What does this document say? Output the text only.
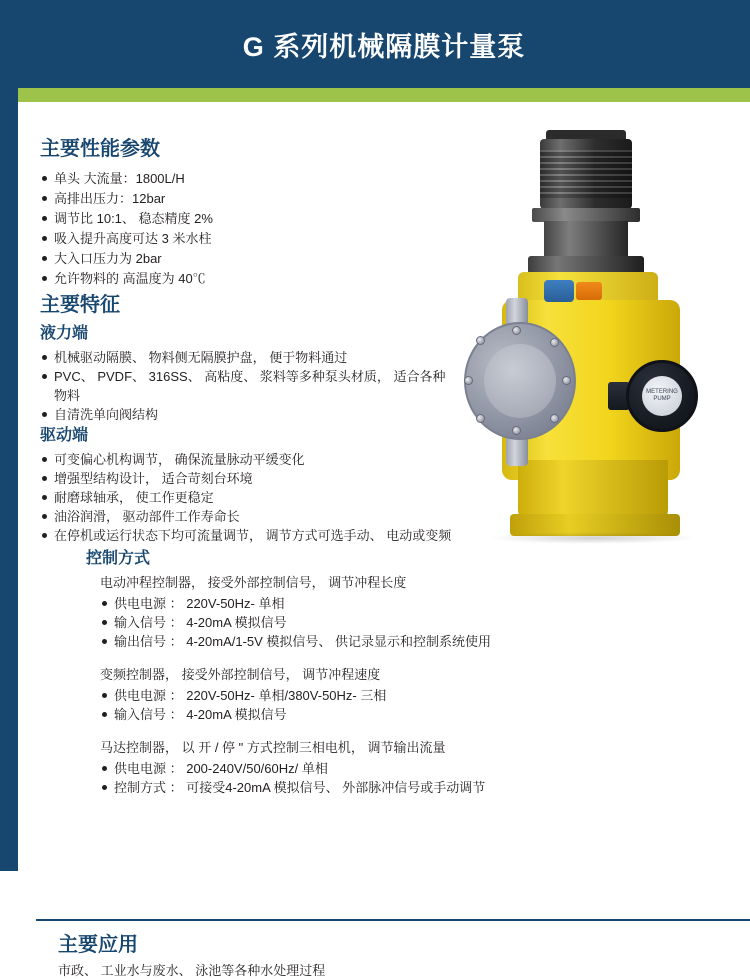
G 系列机械隔膜计量泵
METERING PUMP
主要性能参数
单头 大流量：1800L/H
高排出压力：12bar
调节比 10:1、 稳态精度 2%
吸入提升高度可达 3 米水柱
大入口压力为 2bar
允许物料的 高温度为 40℃
主要特征
液力端
机械驱动隔膜、 物料侧无隔膜护盘， 便于物料通过
PVC、 PVDF、 316SS、 高粘度、 浆料等多种泵头材质， 适合各种物料
自清洗单向阀结构
驱动端
可变偏心机构调节， 确保流量脉动平缓变化
增强型结构设计， 适合苛刻台环境
耐磨球轴承， 使工作更稳定
油浴润滑， 驱动部件工作寿命长
在停机或运行状态下均可流量调节， 调节方式可选手动、 电动或变频
控制方式

电动冲程控制器， 接受外部控制信号， 调节冲程长度

供电电源 ： 220V-50Hz- 单相
输入信号 ： 4-20mA 模拟信号
输出信号 ： 4-20mA/1-5V 模拟信号、 供记录显示和控制系统使用

变频控制器， 接受外部控制信号， 调节冲程速度

供电电源 ： 220V-50Hz- 单相/380V-50Hz- 三相
输入信号 ： 4-20mA 模拟信号

马达控制器， 以 开 / 停 " 方式控制三相电机， 调节输出流量

供电电源 ： 200-240V/50/60Hz/ 单相
控制方式 ： 可接受4-20mA 模拟信号、 外部脉冲信号或手动调节
主要应用
市政、 工业水与废水、 泳池等各种水处理过程
